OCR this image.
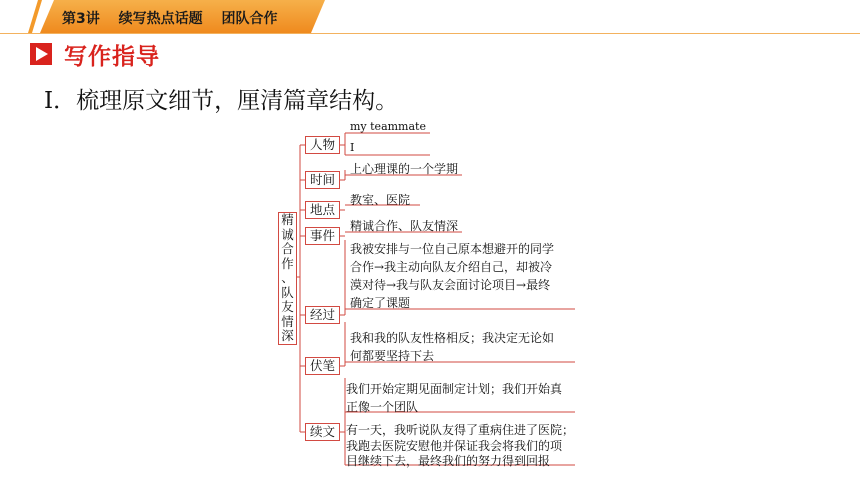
第3讲 续写热点话题 团队合作
写作指导
Ⅰ．梳理原文细节，厘清篇章结构。
精
诚
合
作
、
队
友
情
深
人物
时间
地点
事件
经过
伏笔
续文
my teammate
I
上心理课的一个学期
教室、医院
精诚合作、队友情深
我被安排与一位自己原本想避开的同学
合作→我主动向队友介绍自己，却被冷
漠对待→我与队友会面讨论项目→最终
确定了课题
我和我的队友性格相反；我决定无论如
何都要坚持下去
我们开始定期见面制定计划；我们开始真
正像一个团队
有一天，我听说队友得了重病住进了医院；
我跑去医院安慰他并保证我会将我们的项
目继续下去，最终我们的努力得到回报
